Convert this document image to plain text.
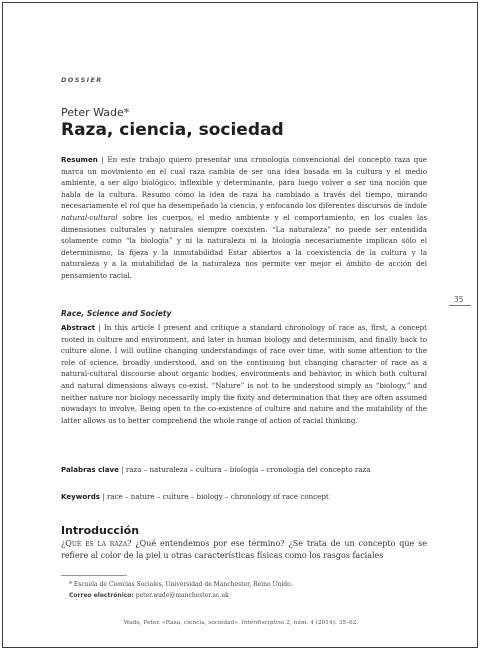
DOSSIER
Peter Wade*
Raza, ciencia, sociedad
Resumen | En este trabajo quiero presentar una cronología convencional del concepto raza que marca un movimiento en el cual raza cambia de ser una idea basada en la cultura y el medio ambiente, a ser algo biológico, inflexible y determinante, para luego volver a ser una noción que habla de la cultura. Resumo cómo la idea de raza ha cambiado a través del tiempo, mirando necesariamente el rol que ha desempeñado la ciencia, y enfocando los diferentes discursos de índole natural-cultural sobre los cuerpos, el medio ambiente y el comportamiento, en los cuales las dimensiones culturales y naturales siempre coexisten. “La naturaleza” no puede ser entendida solamente como “la biología” y ni la naturaleza ni la biología necesariamente implican sólo el determinismo, la fijeza y la inmutabilidad Estar abiertos a la coexistencia de la cultura y la naturaleza y a la mutabilidad de la naturaleza nos permite ver mejor el ámbito de acción del pensamiento racial.
35
Race, Science and Society
Abstract | In this article I present and critique a standard chronology of race as, first, a concept rooted in culture and environment, and later in human biology and determinism, and finally back to culture alone. I will outline changing understandings of race over time, with some attention to the role of science, broadly understood, and on the continuing but changing character of race as a natural-cultural discourse about organic bodies, environments and behavior, in which both cultural and natural dimensions always co-exist. “Nature” is not to be understood simply as “biology,” and neither nature nor biology necessarily imply the fixity and determination that they are often assumed nowadays to involve. Being open to the co-existence of culture and nature and the mutability of the latter allows us to better comprehend the whole range of action of racial thinking.
Palabras clave | raza – naturaleza – cultura – biología – cronología del concepto raza
Keywords | race – nature – culture – biology – chronology of race concept
Introducción
¿Qué es la raza? ¿Qué entendemos por ese término? ¿Se trata de un concepto que se refiere al color de la piel u otras características físicas como los rasgos faciales
* Escuela de Ciencias Sociales, Universidad de Manchester, Reino Unido.
Correo electrónico: peter.wade@manchester.ac.uk
Wade, Peter. «Raza, ciencia, sociedad». Interdisciplina 2, núm. 4 (2014): 35–62.
